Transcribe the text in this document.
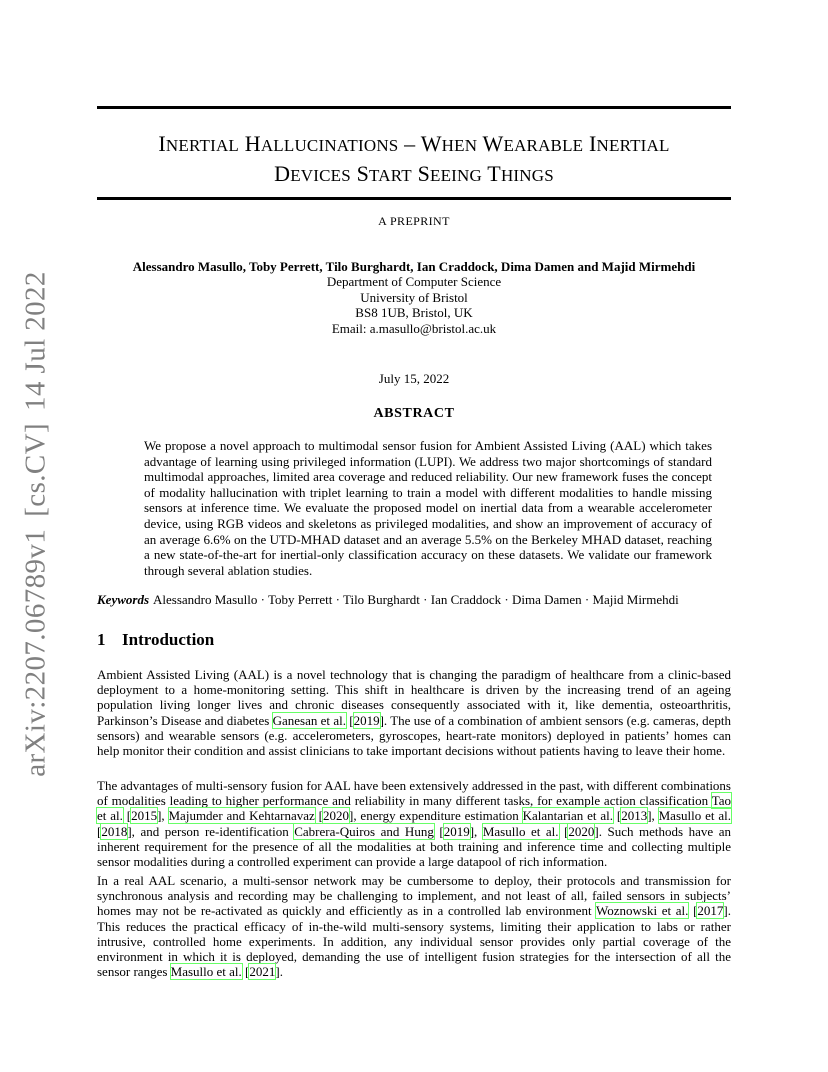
arXiv:2207.06789v1[cs.CV]14 Jul 2022
INERTIAL HALLUCINATIONS – WHEN WEARABLE INERTIAL
DEVICES START SEEING THINGS
A PREPRINT
Alessandro Masullo, Toby Perrett, Tilo Burghardt, Ian Craddock, Dima Damen and Majid Mirmehdi
Department of Computer Science
University of Bristol
BS8 1UB, Bristol, UK
Email: a.masullo@bristol.ac.uk
July 15, 2022
ABSTRACT
We propose a novel approach to multimodal sensor fusion for Ambient Assisted Living (AAL) which takes advantage of learning using privileged information (LUPI). We address two major shortcomings of standard multimodal approaches, limited area coverage and reduced reliability. Our new framework fuses the concept of modality hallucination with triplet learning to train a model with different modalities to handle missing sensors at inference time. We evaluate the proposed model on inertial data from a wearable accelerometer device, using RGB videos and skeletons as privileged modalities, and show an improvement of accuracy of an average 6.6% on the UTD-MHAD dataset and an average 5.5% on the Berkeley MHAD dataset, reaching a new state-of-the-art for inertial-only classification accuracy on these datasets. We validate our framework through several ablation studies.
Keywords Alessandro Masullo · Toby Perrett · Tilo Burghardt · Ian Craddock · Dima Damen · Majid Mirmehdi
1 Introduction
Ambient Assisted Living (AAL) is a novel technology that is changing the paradigm of healthcare from a clinic-based deployment to a home-monitoring setting. This shift in healthcare is driven by the increasing trend of an ageing population living longer lives and chronic diseases consequently associated with it, like dementia, osteoarthritis, Parkinson’s Disease and diabetes Ganesan et al. [2019]. The use of a combination of ambient sensors (e.g. cameras, depth sensors) and wearable sensors (e.g. accelerometers, gyroscopes, heart-rate monitors) deployed in patients’ homes can help monitor their condition and assist clinicians to take important decisions without patients having to leave their home.
The advantages of multi-sensory fusion for AAL have been extensively addressed in the past, with different combinations of modalities leading to higher performance and reliability in many different tasks, for example action classification Tao et al. [2015], Majumder and Kehtarnavaz [2020], energy expenditure estimation Kalantarian et al. [2013], Masullo et al. [2018], and person re-identification Cabrera-Quiros and Hung [2019], Masullo et al. [2020]. Such methods have an inherent requirement for the presence of all the modalities at both training and inference time and collecting multiple sensor modalities during a controlled experiment can provide a large datapool of rich information.
In a real AAL scenario, a multi-sensor network may be cumbersome to deploy, their protocols and transmission for synchronous analysis and recording may be challenging to implement, and not least of all, failed sensors in subjects’ homes may not be re-activated as quickly and efficiently as in a controlled lab environment Woznowski et al. [2017]. This reduces the practical efficacy of in-the-wild multi-sensory systems, limiting their application to labs or rather intrusive, controlled home experiments. In addition, any individual sensor provides only partial coverage of the environment in which it is deployed, demanding the use of intelligent fusion strategies for the intersection of all the sensor ranges Masullo et al. [2021].
